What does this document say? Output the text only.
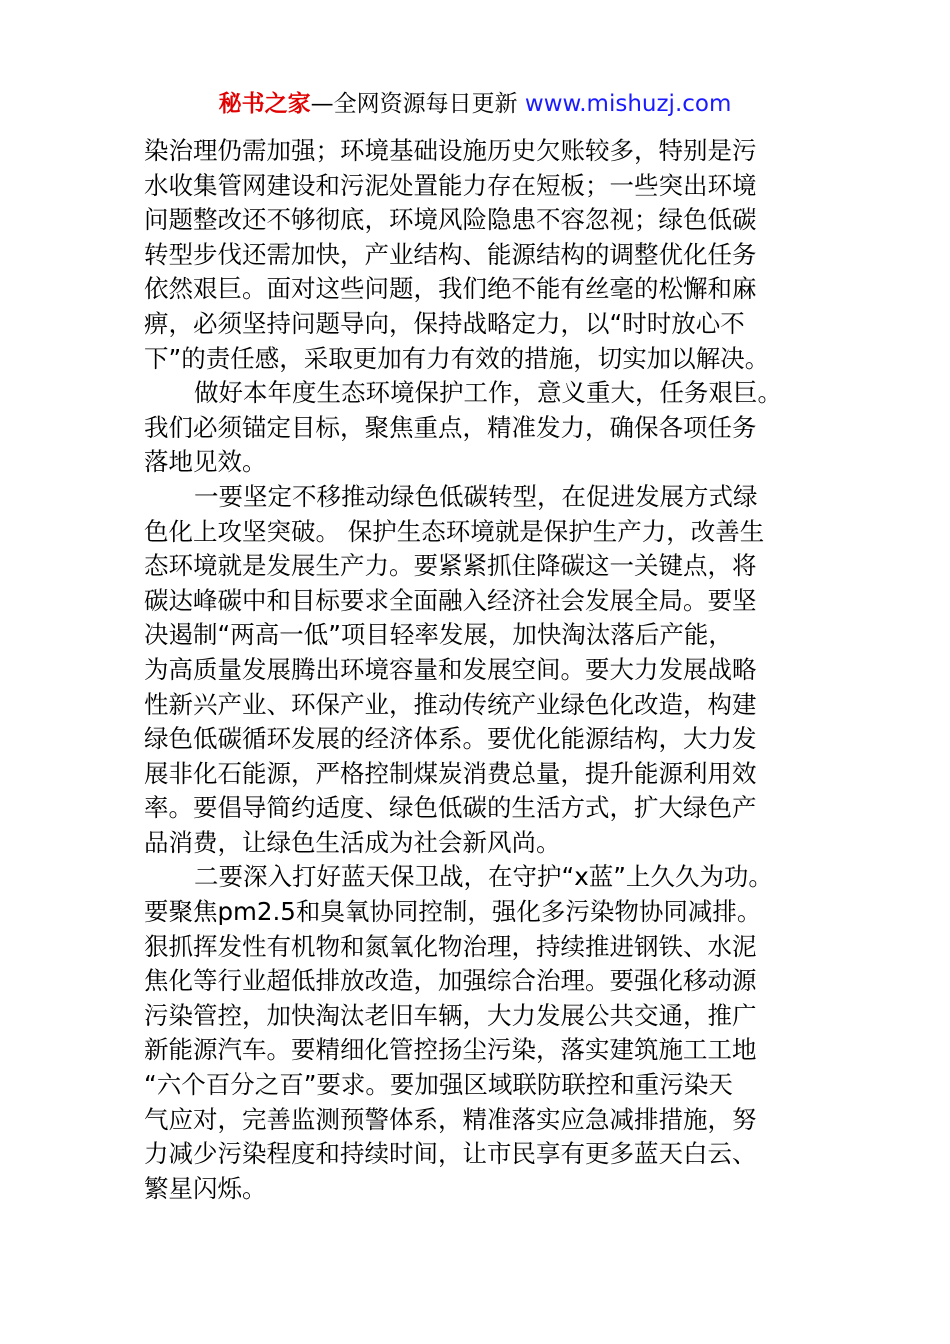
秘书之家—全网资源每日更新 www.mishuzj.com
染治理仍需加强；环境基础设施历史欠账较多，特别是污
水收集管网建设和污泥处置能力存在短板；一些突出环境
问题整改还不够彻底，环境风险隐患不容忽视；绿色低碳
转型步伐还需加快，产业结构、能源结构的调整优化任务
依然艰巨。面对这些问题，我们绝不能有丝毫的松懈和麻
痹，必须坚持问题导向，保持战略定力，以“时时放心不
下”的责任感，采取更加有力有效的措施，切实加以解决。
做好本年度生态环境保护工作，意义重大，任务艰巨。
我们必须锚定目标，聚焦重点，精准发力，确保各项任务
落地见效。
一要坚定不移推动绿色低碳转型，在促进发展方式绿
色化上攻坚突破。 保护生态环境就是保护生产力，改善生
态环境就是发展生产力。要紧紧抓住降碳这一关键点，将
碳达峰碳中和目标要求全面融入经济社会发展全局。要坚
决遏制“两高一低”项目轻率发展，加快淘汰落后产能，
为高质量发展腾出环境容量和发展空间。要大力发展战略
性新兴产业、环保产业，推动传统产业绿色化改造，构建
绿色低碳循环发展的经济体系。要优化能源结构，大力发
展非化石能源，严格控制煤炭消费总量，提升能源利用效
率。要倡导简约适度、绿色低碳的生活方式，扩大绿色产
品消费，让绿色生活成为社会新风尚。
二要深入打好蓝天保卫战，在守护“x蓝”上久久为功。
要聚焦pm2.5和臭氧协同控制，强化多污染物协同减排。
狠抓挥发性有机物和氮氧化物治理，持续推进钢铁、水泥
焦化等行业超低排放改造，加强综合治理。要强化移动源
污染管控，加快淘汰老旧车辆，大力发展公共交通，推广
新能源汽车。要精细化管控扬尘污染，落实建筑施工工地
“六个百分之百”要求。要加强区域联防联控和重污染天
气应对，完善监测预警体系，精准落实应急减排措施，努
力减少污染程度和持续时间，让市民享有更多蓝天白云、
繁星闪烁。
